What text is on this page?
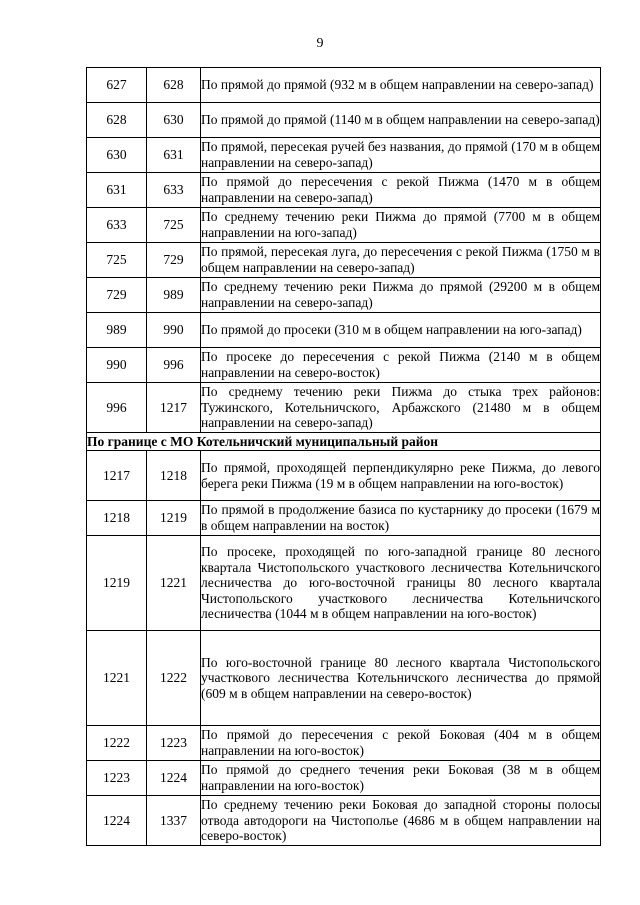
9
627	628	По прямой до прямой (932 м в общем направлении на северо-запад)
628	630	По прямой до прямой (1140 м в общем направлении на северо-запад)
630	631	По прямой, пересекая ручей без названия, до прямой (170 м в общем направлении на северо-запад)
631	633	По прямой до пересечения с рекой Пижма (1470 м в общем направлении на северо-запад)
633	725	По среднему течению реки Пижма до прямой (7700 м в общем направлении на юго-запад)
725	729	По прямой, пересекая луга, до пересечения с рекой Пижма (1750 м в общем направлении на северо-запад)
729	989	По среднему течению реки Пижма до прямой (29200 м в общем направлении на северо-запад)
989	990	По прямой до просеки (310 м в общем направлении на юго-запад)
990	996	По просеке до пересечения с рекой Пижма (2140 м в общем направлении на северо-восток)
996	1217	По среднему течению реки Пижма до стыка трех районов: Тужинского, Котельничского, Арбажского (21480 м в общем направлении на северо-запад)
По границе с МО Котельничский муниципальный район		
1217	1218	По прямой, проходящей перпендикулярно реке Пижма, до левого берега реки Пижма (19 м в общем направлении на юго-восток)
1218	1219	По прямой в продолжение базиса по кустарнику до просеки (1679 м в общем направлении на восток)
1219	1221	По просеке, проходящей по юго-западной границе 80 лесного квартала Чистопольского участкового лесничества Котельничского лесничества до юго-восточной границы 80 лесного квартала Чистопольского участкового лесничества Котельничского лесничества (1044 м в общем направлении на юго-восток)
1221	1222	По юго-восточной границе 80 лесного квартала Чистопольского участкового лесничества Котельничского лесничества до прямой (609 м в общем направлении на северо-восток)
1222	1223	По прямой до пересечения с рекой Боковая (404 м в общем направлении на юго-восток)
1223	1224	По прямой до среднего течения реки Боковая (38 м в общем направлении на юго-восток)
1224	1337	По среднему течению реки Боковая до западной стороны полосы отвода автодороги на Чистополье (4686 м в общем направлении на северо-восток)
